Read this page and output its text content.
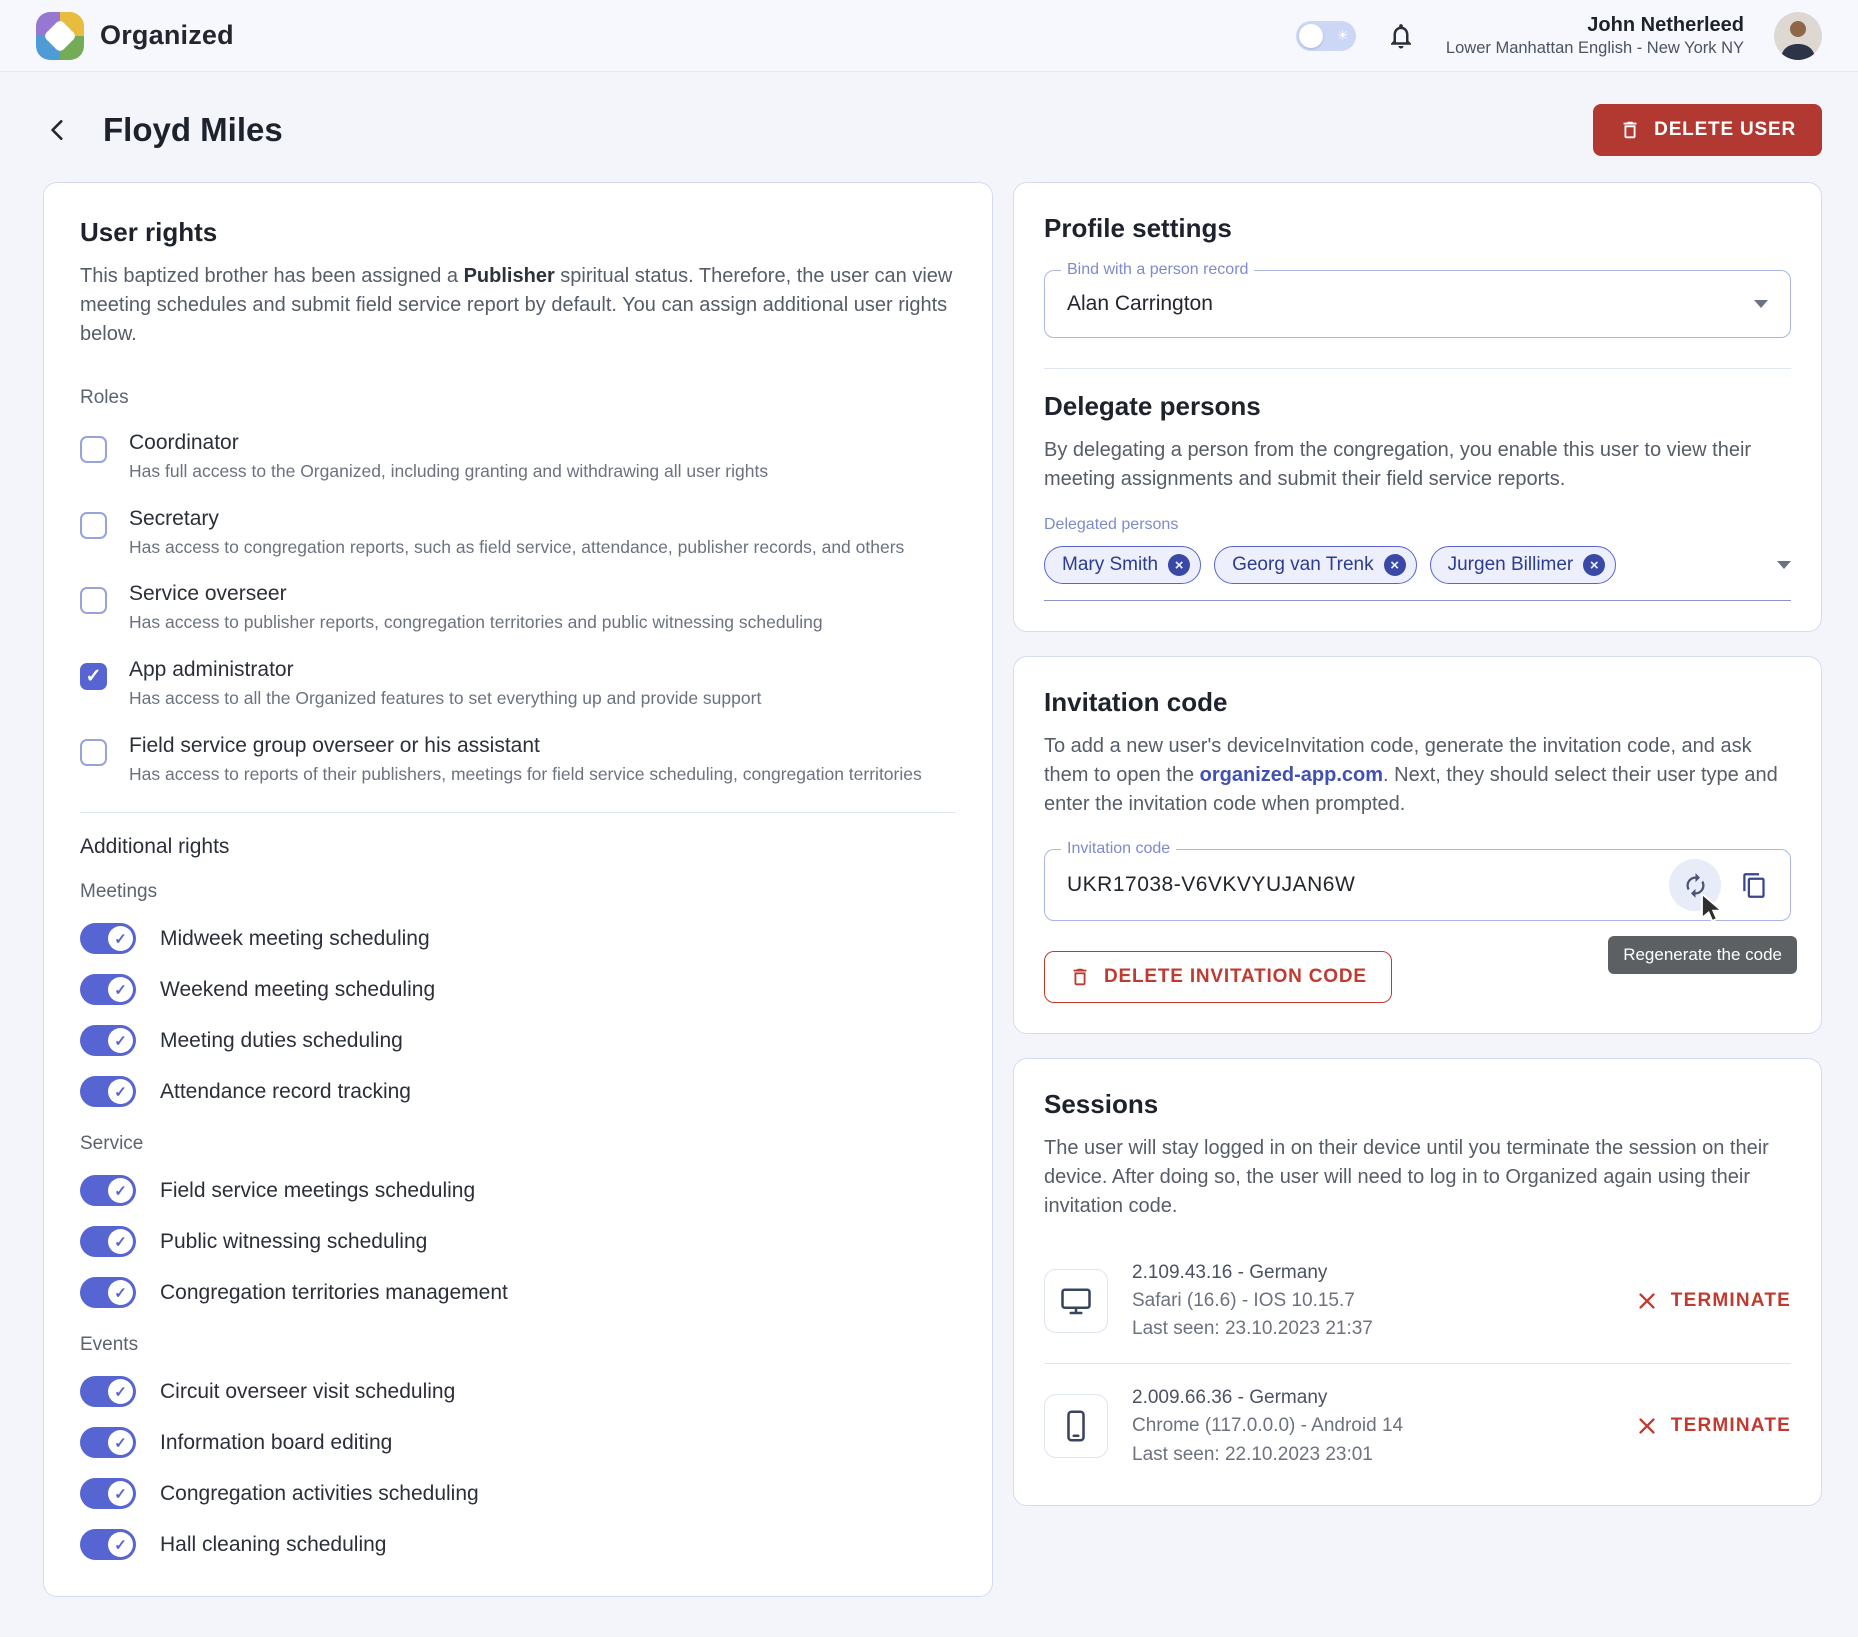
Organized	☀	John Netherleed
Lower Manhattan English - New York NY
Floyd Miles	DELETE USER
User rights

This baptized brother has been assigned a Publisher spiritual status. Therefore, the user can view meeting schedules and submit field service report by default. You can assign additional user rights below.

Roles
Coordinator
Has full access to the Organized, including granting and withdrawing all user rights
Secretary
Has access to congregation reports, such as field service, attendance, publisher records, and others
Service overseer
Has access to publisher reports, congregation territories and public witnessing scheduling
✓
App administrator
Has access to all the Organized features to set everything up and provide support
Field service group overseer or his assistant
Has access to reports of their publishers, meetings for field service scheduling, congregation territories
Additional rights
Meetings
✓ Midweek meeting scheduling
✓ Weekend meeting scheduling
✓ Meeting duties scheduling
✓ Attendance record tracking
Service
✓ Field service meetings scheduling
✓ Public witnessing scheduling
✓ Congregation territories management
Events
✓ Circuit overseer visit scheduling
✓ Information board editing
✓ Congregation activities scheduling
✓ Hall cleaning scheduling
Profile settings
Bind with a person record
Alan Carrington
Delegate persons

By delegating a person from the congregation, you enable this user to view their meeting assignments and submit their field service reports.

Delegated persons
Mary Smith	×	Georg van Trenk	×	Jurgen Billimer	×
Invitation code

To add a new user's deviceInvitation code, generate the invitation code, and ask them to open the organized-app.com. Next, they should select their user type and enter the invitation code when prompted.

Invitation code
UKR17038-V6VKVYUJAN6W
Regenerate the code
DELETE INVITATION CODE
Sessions

The user will stay logged in on their device until you terminate the session on their device. After doing so, the user will need to log in to Organized again using their invitation code.

2.109.43.16 - Germany
Safari (16.6) - IOS 10.15.7
Last seen: 23.10.2023 21:37
TERMINATE
2.009.66.36 - Germany
Chrome (117.0.0.0) - Android 14
Last seen: 22.10.2023 23:01
TERMINATE
